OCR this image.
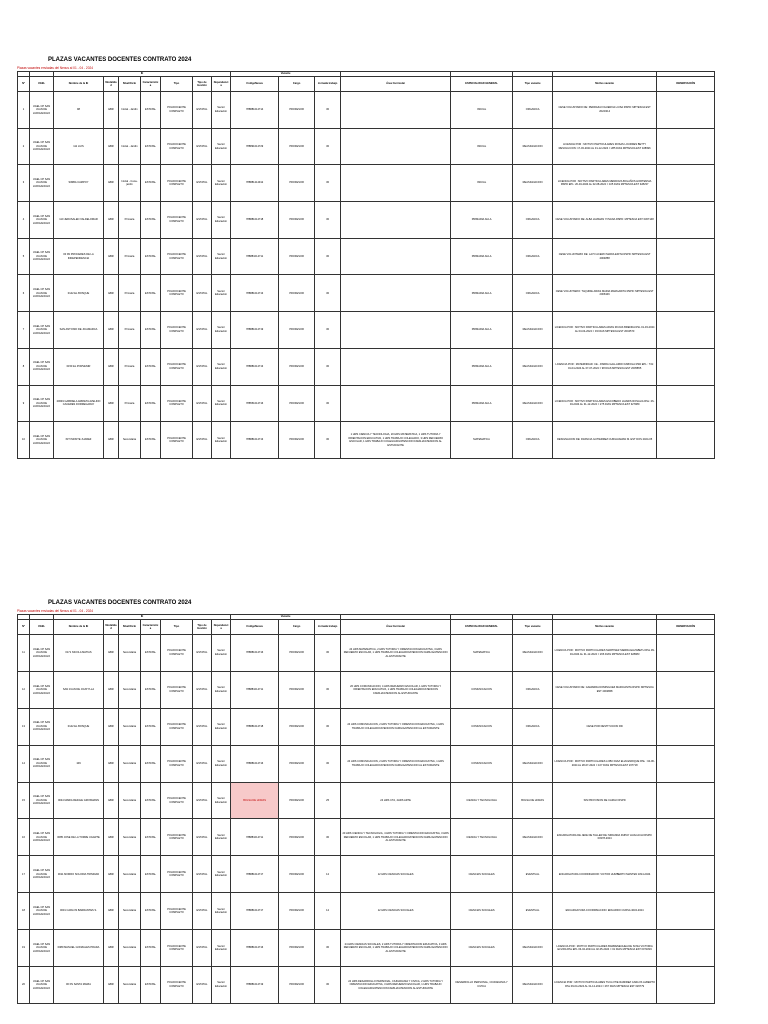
PLAZAS VACANTES DOCENTES CONTRATO 2024
Plazas vacantes enviadas del Nexus al 01 - 04 - 2024
		IE							Vacante							
Nº	UGEL	Nombre de la IE	Modalidad	Nivel/Ciclo	Caracteristica	Tipo	Tipo de Gestión	Dependencia	CódigoNexus	Cargo	Jornada trabajo	Área Curricular	ESPECIALIDAD GENERAL	Tipo vacante	Motivo vacante	OBSERVACIÓN
1	UGEL CP SAN JUAN DE LURIGANCHO	98	EBR	Inicial - Jardín	ESTATAL	POLIDOCENTE COMPLETO	ESTATAL	Sector Educación	788881014714	PROFESOR	30		INICIAL	ORGANICA	CESE VOLUNTARIO DE: PEDRAZA FIGUEROA LUISA RSPD: MPTESOA EST 2024/314	
2	UGEL CP SAN JUAN DE LURIGANCHO	111 LUIS	EBR	Inicial - Jardín	ESTATAL	POLIDOCENTE COMPLETO	ESTATAL	Sector Educación	788891014729	PROFESOR	30		INICIAL	REASIGNACION	LICENCIA POR : MOTIVO PARTICULARES ROSAS LOURDES BETTY RESOLUCION: 17-03-2024 AL 31-12-2024 = 285 DIAS MPTESOA EST 328996	
3	UGEL CP SAN JUAN DE LURIGANCHO	SIMBA CAMPOY	EBR	Inicial - Cuna-jardín	ESTATAL	POLIDOCENTE COMPLETO	ESTATAL	Sector Educación	788881214912	PROFESOR	30		INICIAL	REASIGNACION	LICENCIA POR : MOTIVO PARTICULARES MENDOZA BOLAÑOS HORTENSIA RSPD EPL: 20-04-2024 AL 02-08-2024 = 105 DIAS MPTESOA EST 328237	
4	UGEL CP SAN JUAN DE LURIGANCHO	110 JERUSALEN VALDELOMAR	EBR	Primaria	ESTATAL	POLIDOCENTE COMPLETO	ESTATAL	Sector Educación	788881014718	PROFESOR	30		PRIMARIA AULA	ORGANICA	CESE VOLUNTARIO DE: ALBA HUAMAN YOVANA RSPD: MPTESOA EST 0307148	
5	UGEL CP SAN JUAN DE LURIGANCHO	00 IIN PROCERES DE LA INDEPENDENCIA	EBR	Primaria	ESTATAL	POLIDOCENTE COMPLETO	ESTATAL	Sector Educación	788881014711	PROFESOR	30		PRIMARIA AULA	ORGANICA	CESE VOLUNTARIO DE: LAYO ACERO MARIA EDITH RSPD: MPTESOA EST 4004858	
6	UGEL CP SAN JUAN DE LURIGANCHO	0142 EL BOSQUE	EBR	Primaria	ESTATAL	POLIDOCENTE COMPLETO	ESTATAL	Sector Educación	788881014713	PROFESOR	30		PRIMARIA AULA	ORGANICA	CESE VOLUNTARIO: TAQUIRE ARIAS MARIA MARGARITA RSPD: MPTESOA EST 2006346	
7	UGEL CP SAN JUAN DE LURIGANCHO	SAN ANTONIO DE JICAMARCA	EBR	Primaria	ESTATAL	POLIDOCENTE COMPLETO	ESTATAL	Sector Educación	788881014719	PROFESOR	30		PRIMARIA AULA	REASIGNACION	LICENCIA POR : MOTIVO PARTICULARES ARIAS ROJAS BRENDA RSL 01-03-2024 AL 03-04-2024 = 03 DIAS MPTESOA EST 2004570	
8	UGEL CP SAN JUAN DE LURIGANCHO	0150 EL PORVENIR	EBR	Primaria	ESTATAL	POLIDOCENTE COMPLETO	ESTATAL	Sector Educación	788881014713	PROFESOR	30		PRIMARIA AULA	REASIGNACION	LICENCIA POR : MATERNIDAD: CE - PARRA GALLARDO FABIOLA RSD EPL : 731: 01-04-2024 AL 07-07-2024 = 98 DIAS MPTESOA EST 2005855	
9	UGEL CP SAN JUAN DE LURIGANCHO	20649 GABRIELA ARRIETA AVELINO CACERES DORREGARAY	EBR	Primaria	ESTATAL	POLIDOCENTE COMPLETO	ESTATAL	Sector Educación	788551014716	PROFESOR	30		PRIMARIA AULA	REASIGNACION	LICENCIA POR : MOTIVO PARTICULARES ESCOBEDO HUARIS ROSALIA RSL: 26-04-2024 AL 31-12-2024 = 275 DIAS MPTESOA EST 327989	
10	UGEL CP SAN JUAN DE LURIGANCHO	INTI MONTE JUAREZ	EBR	Secundaria	ESTATAL	POLIDOCENTE COMPLETO	ESTATAL	Sector Educación	788881014713	PROFESOR	30	1 HRS CIENCIA Y TECNOLOGIA, 20 HRS MATEMATICA, 1 HRS TUTORIA Y ORIENTACION EDUCATIVA, 1 HRS TRABAJO COLEGIADO, 3 HRS REFUERZO ESCOLAR, 1 HRS TRABAJO COLEGIADO/ATENCION FAMILIA/ATENCION AL ESTUDIANTE	MATEMATICA	ORGANICA	DESIGNACION DE: FRANCIA GUTIERREZ CURIHUAMAN M. EST DOS 2024-05	
PLAZAS VACANTES DOCENTES CONTRATO 2024
Plazas vacantes enviadas del Nexus al 01 - 04 - 2024
		IE							Vacante							
Nº	UGEL	Nombre de la IE	Modalidad	Nivel/Ciclo	Caracteristica	Tipo	Tipo de Gestión	Dependencia	CódigoNexus	Cargo	Jornada trabajo	Área Curricular	ESPECIALIDAD GENERAL	Tipo vacante	Motivo vacante	OBSERVACIÓN
11	UGEL CP SAN JUAN DE LURIGANCHO	0171 NICOLA MATIAS	EBR	Secundaria	ESTATAL	POLIDOCENTE COMPLETO	ESTATAL	Sector Educación	788881014716	PROFESOR	30	24 HRS MATEMATICA, 2 HRS TUTORIA Y ORIENTACION EDUCATIVA, 3 HRS REFUERZO ESCOLAR, 1 HRS TRABAJO COLEGIADO/ATENCION FAMILIA/ATENCION AL ESTUDIANTE	MATEMATICA	REASIGNACION	LICENCIA POR : MOTIVO PARTICULARES MARTINEZ SIERRA ELIZABETH RSL 09-04-2024 AL 31-12-2024 = 266 DIAS MPTESOA EST 328983	
12	UGEL CP SAN JUAN DE LURIGANCHO	SAN JUAN DE JICATYLLA	EBR	Secundaria	ESTATAL	POLIDOCENTE COMPLETO	ESTATAL	Sector Educación	788881014711	PROFESOR	30	20 HRS COMUNICACION, 4 HRS REFUERZO ESCOLAR, 1 HRS TUTORIA Y ORIENTACION EDUCATIVA, 1 HRS TRABAJO COLEGIADO/ATENCION FAMILIA/ATENCION AL ESTUDIANTE	COMUNICACION	ORGANICA	CESE VOLUNTARIO DE: GAMARRA DOMINGUEZ MARCIANITA RSPD: MPTESOA EST 4002868	
13	UGEL CP SAN JUAN DE LURIGANCHO	0142 EL BOSQUE	EBR	Secundaria	ESTATAL	POLIDOCENTE COMPLETO	ESTATAL	Sector Educación	788881014718	PROFESOR	30	24 HRS COMUNICACION, 2 HRS TUTORIA Y ORIENTACION EDUCATIVA, 1 HRS TRABAJO COLEGIADO/ATENCION FAMILIA/ATENCION AL ESTUDIANTE	COMUNICACION	ORGANICA	CESE POR DESTITUCION RD	
14	UGEL CP SAN JUAN DE LURIGANCHO	109	EBR	Secundaria	ESTATAL	POLIDOCENTE COMPLETO	ESTATAL	Sector Educación	788881014716	PROFESOR	30	24 HRS COMUNICACION, 2 HRS TUTORIA Y ORIENTACION EDUCATIVA, 1 HRS TRABAJO COLEGIADO/ATENCION FAMILIA/ATENCION AL ESTUDIANTE	COMUNICACION	REASIGNACION	LICENCIA POR : MOTIVO PARTICULARES LOBO DIAZ ELVA ENRIQUE RSL : 04-06-2024 AL 28-07-2024 = 107 DIAS MPTESOA EST 237718	
15	UGEL CP SAN JUAN DE LURIGANCHO	0044 MARIA REICHE GROSMANN	EBR	Secundaria	ESTATAL	POLIDOCENTE COMPLETO	ESTATAL	Sector Educación	BOLSA DE HORAS	PROFESOR	25	24 HRS CTA, 4HRS ARTE	CIENCIA Y TECNOLOGIA	BOLSA DE HORAS	SIN PROVISION DE CARGO RSPD	
16	UGEL CP SAN JUAN DE LURIGANCHO	0085 JOSE DE LA TORRE UGARTE	EBR	Secundaria	ESTATAL	POLIDOCENTE COMPLETO	ESTATAL	Sector Educación	788881014711	PROFESOR	30	20 HRS CIENCIA Y TECNOLOGIA, 4 HRS TUTORIA Y ORIENTACION EDUCATIVA, 3 HRS REFUERZO ESCOLAR, 1 HRS TRABAJO COLEGIADO/ATENCION FAMILIA/ATENCION AL ESTUDIANTE	CIENCIA Y TECNOLOGIA	REASIGNACION	ENCARGATURA DE JEFE DE TALLER DE: MIRANDA RUPAY HUACACHI RSPD: 00378-2024	
17	UGEL CP SAN JUAN DE LURIGANCHO	0011 MORRO SOLORIA TRINIDAD	EBR	Secundaria	ESTATAL	POLIDOCENTE COMPLETO	ESTATAL	Sector Educación	788881014717	PROFESOR	12	12 HRS CIENCIAS SOCIALES	CIENCIAS SOCIALES	EVENTUAL	ENCARGATURA COORDINADOR: VICTOR HUMBERTO MANTEN 1814-2024	
18	UGEL CP SAN JUAN DE LURIGANCHO	0001 CARLOS BARRANTES S.	EBR	Secundaria	ESTATAL	POLIDOCENTE COMPLETO	ESTATAL	Sector Educación	788881014717	PROFESOR	12	12 HRS CIENCIAS SOCIALES	CIENCIAS SOCIALES	EVENTUAL	ENCARGATURA COORDINACION: EDUARDO CURSA 4034-2024	
19	UGEL CP SAN JUAN DE LURIGANCHO	0089 MANUEL GONZALES PRADA	EBR	Secundaria	ESTATAL	POLIDOCENTE COMPLETO	ESTATAL	Sector Educación	788881014716	PROFESOR	30	24 HRS CIENCIAS SOCIALES, 2 HRS TUTORIA Y ORIENTACION EDUCATIVA, 3 HRS REFUERZO ESCOLAR, 1 HRS TRABAJO COLEGIADO/ATENCION FAMILIA/ATENCION AL ESTUDIANTE	CIENCIAS SOCIALES	REASIGNACION	LICENCIA POR : MOTIVO PARTICULARES BARRENECHEA DE SOSA VICTORIA ELVIRA RSL EPL 03-04-2024 AL 02-05-2024 = 01 DIAS MPTESOA EST 0071819	
20	UGEL CP SAN JUAN DE LURIGANCHO	00 IIN SANTA MARIA	EBR	Secundaria	ESTATAL	POLIDOCENTE COMPLETO	ESTATAL	Sector Educación	788881014719	PROFESOR	30	24 HRS DESARROLLO PERSONAL, CIUDADANIA Y CIVICA, 2 HRS TUTORIA Y ORIENTACION EDUCATIVA, 3 HRS REFUERZO ESCOLAR, 1 HRS TRABAJO COLEGIADO/ATENCION FAMILIA/ATENCION AL ESTUDIANTE	DESARROLLO PERSONAL, CIUDADANIA Y CIVICA	REASIGNACION	LICENCIA POR : MOTIVO PARTICULARES TUCLOTIE RAMIREZ CARLOS ALBERTO RSL 09-04-2024 AL 31-12-2024 = 267 DIAS MPTESOA EST 026779	
